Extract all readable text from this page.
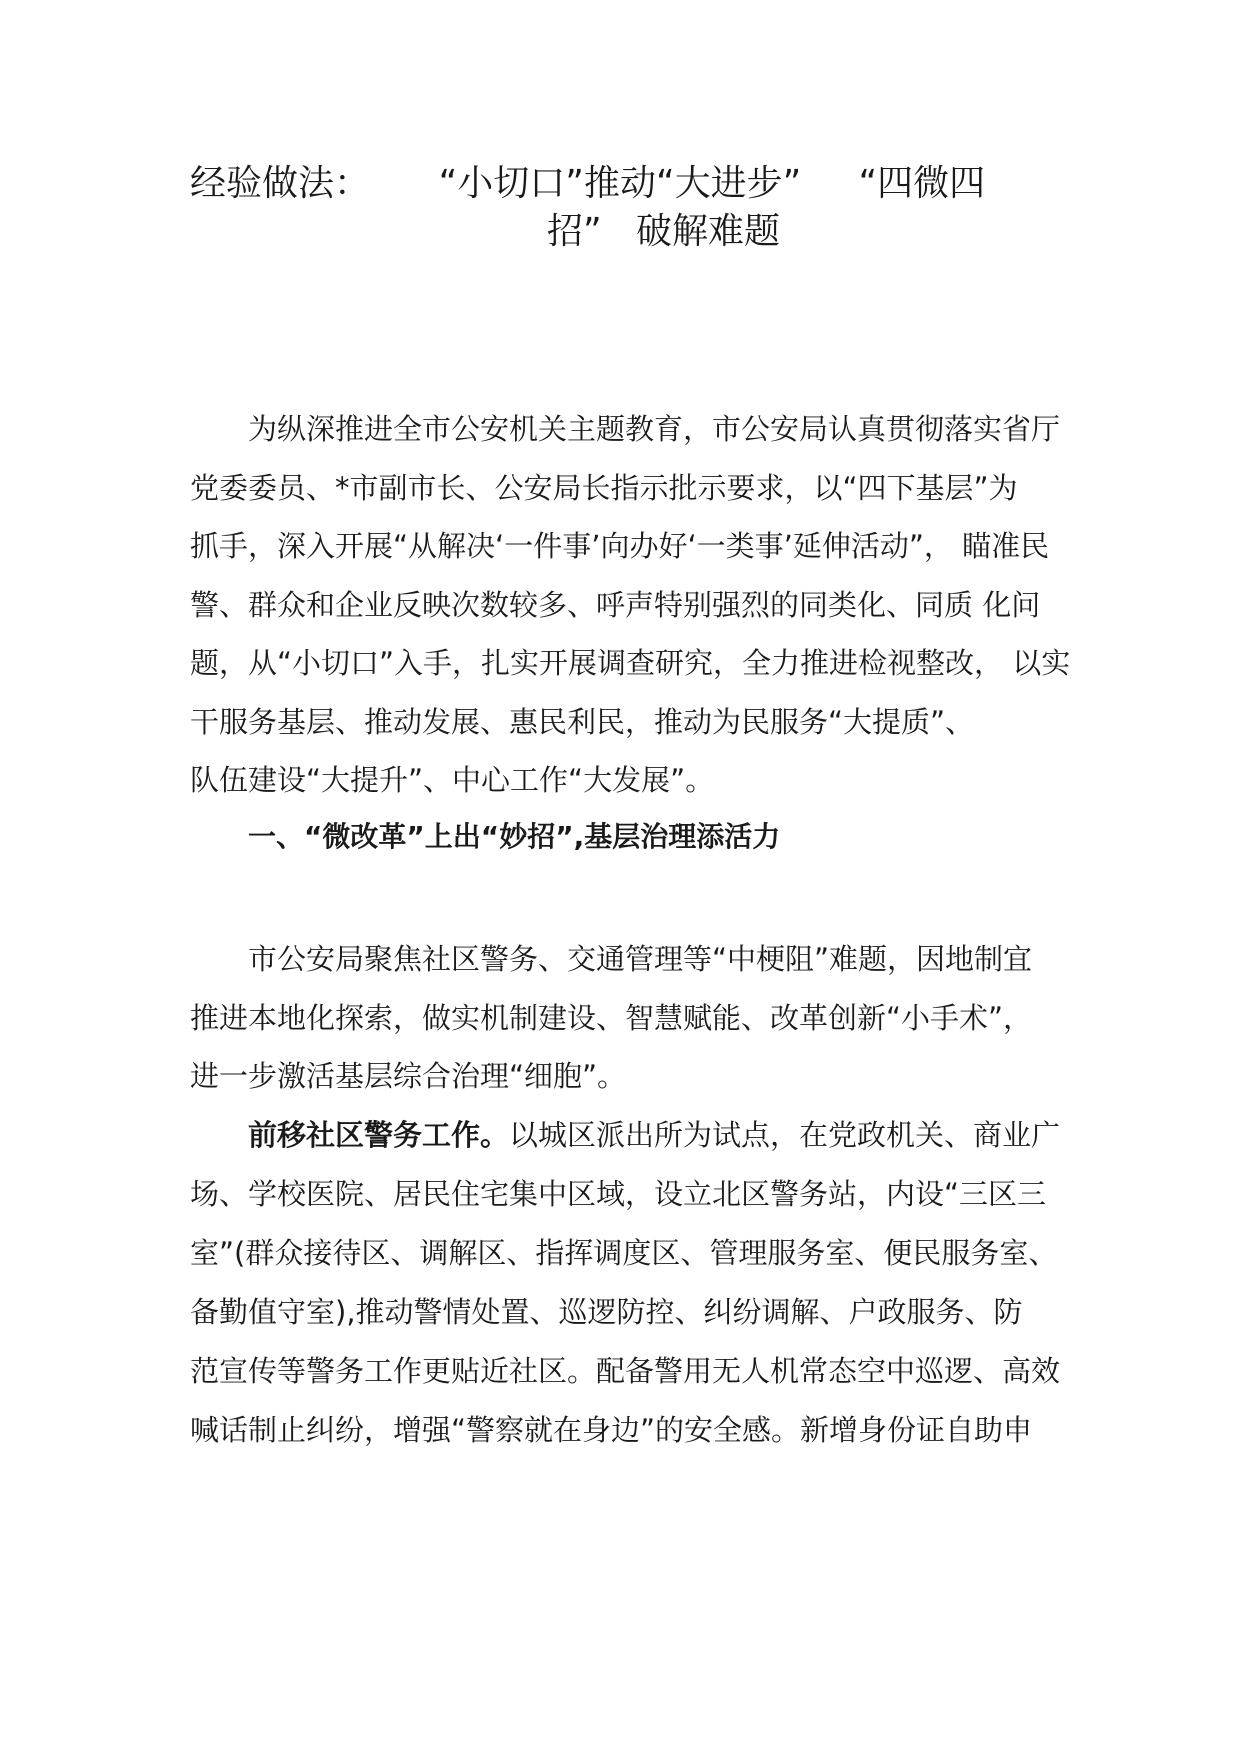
经验做法：      “小切口”推动“大进步”     “四微四
招”   破解难题
为纵深推进全市公安机关主题教育，市公安局认真贯彻落实省厅
党委委员、*市副市长、公安局长指示批示要求，以“四下基层”为
抓手，深入开展“从解决‘一件事’向办好‘一类事’延伸活动”， 瞄准民
警、群众和企业反映次数较多、呼声特别强烈的同类化、同质 化问
题，从“小切口”入手，扎实开展调查研究，全力推进检视整改， 以实
干服务基层、推动发展、惠民利民，推动为民服务“大提质”、
队伍建设“大提升”、中心工作“大发展”。
一、“微改革”上出“妙招”,基层治理添活力
市公安局聚焦社区警务、交通管理等“中梗阻”难题，因地制宜
推进本地化探索，做实机制建设、智慧赋能、改革创新“小手术”，
进一步激活基层综合治理“细胞”。
前移社区警务工作。以城区派出所为试点，在党政机关、商业广
场、学校医院、居民住宅集中区域，设立北区警务站，内设“三区三
室”(群众接待区、调解区、指挥调度区、管理服务室、便民服务室、
备勤值守室),推动警情处置、巡逻防控、纠纷调解、户政服务、防
范宣传等警务工作更贴近社区。配备警用无人机常态空中巡逻、高效
喊话制止纠纷，增强“警察就在身边”的安全感。新增身份证自助申
